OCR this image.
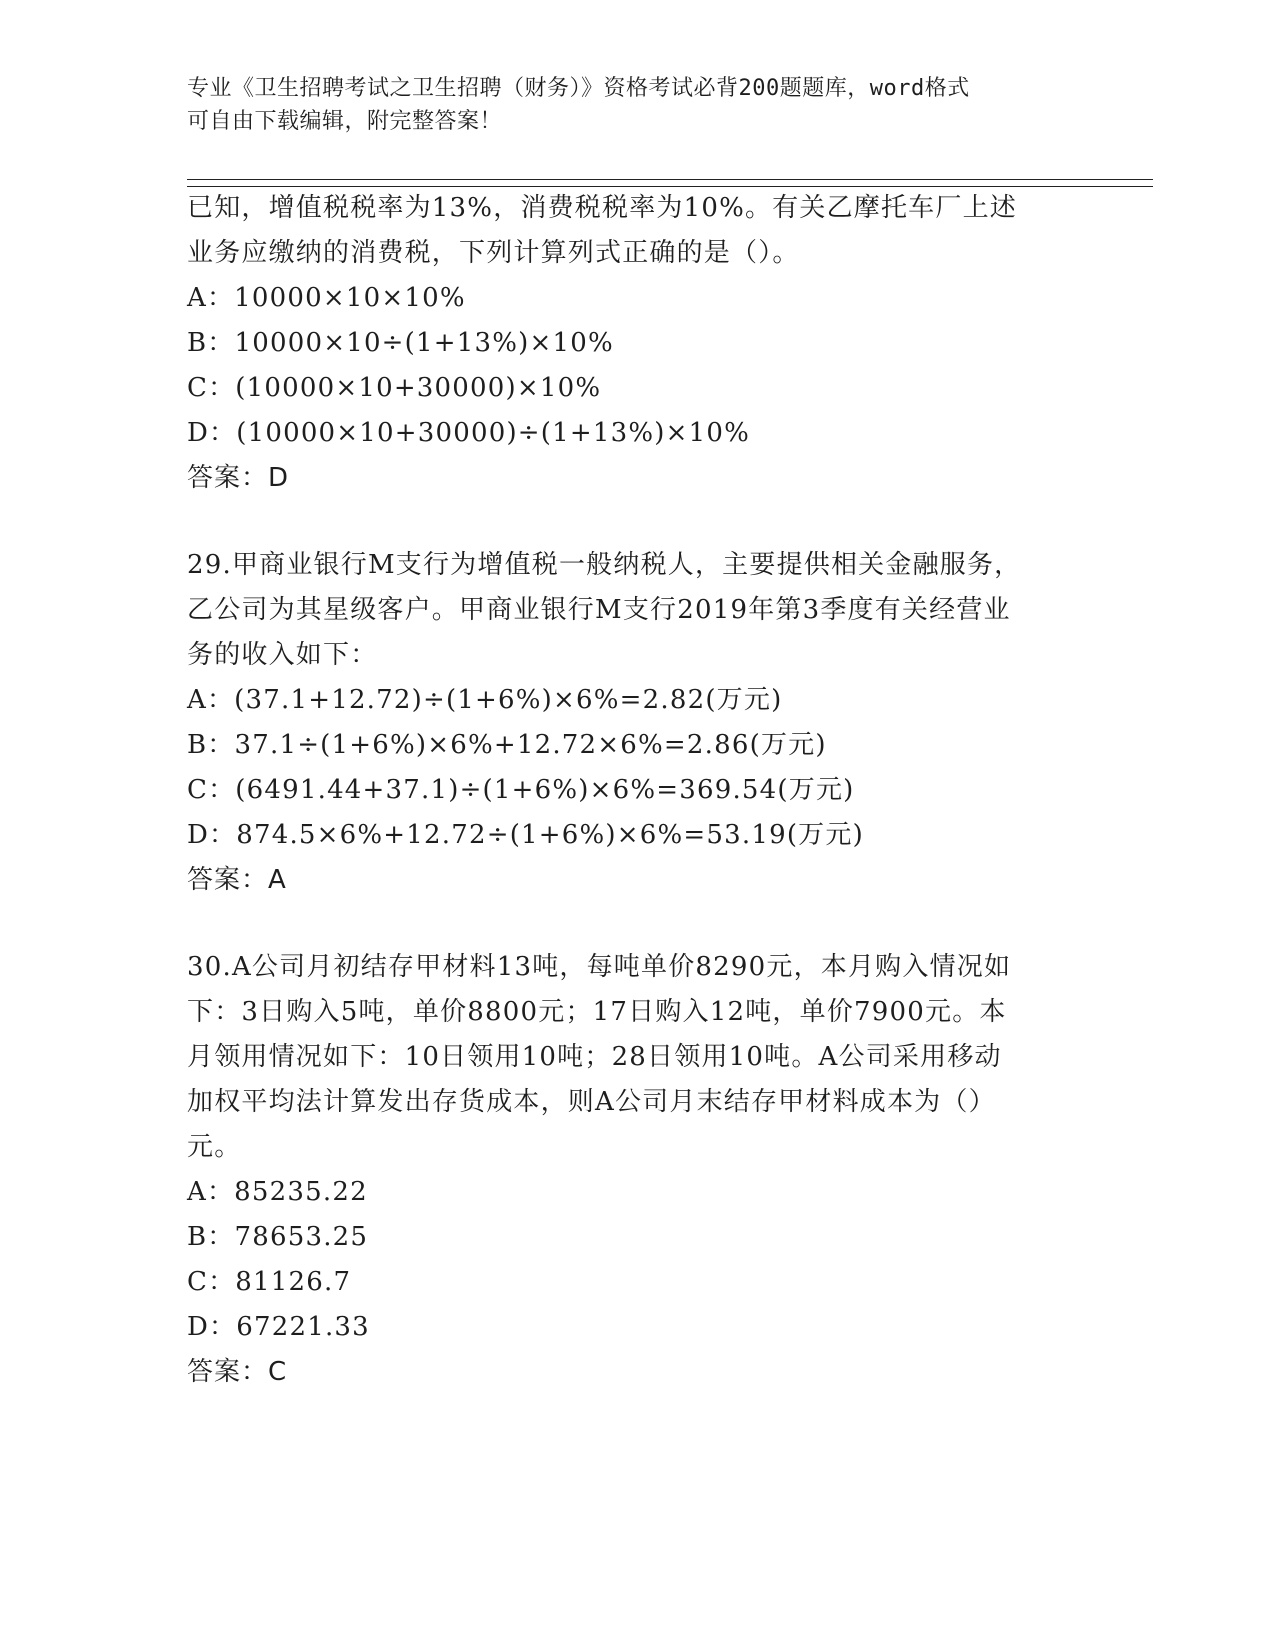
专业《卫生招聘考试之卫生招聘（财务）》资格考试必背200题题库，word格式
可自由下载编辑，附完整答案！
已知，增值税税率为13%，消费税税率为10%。有关乙摩托车厂上述
业务应缴纳的消费税，下列计算列式正确的是（）。
A：10000×10×10%
B：10000×10÷(1+13%)×10%
C：(10000×10+30000)×10%
D：(10000×10+30000)÷(1+13%)×10%
答案：D
29.甲商业银行M支行为增值税一般纳税人，主要提供相关金融服务，
乙公司为其星级客户。甲商业银行M支行2019年第3季度有关经营业
务的收入如下：
A：(37.1+12.72)÷(1+6%)×6%=2.82(万元)
B：37.1÷(1+6%)×6%+12.72×6%=2.86(万元)
C：(6491.44+37.1)÷(1+6%)×6%=369.54(万元)
D：874.5×6%+12.72÷(1+6%)×6%=53.19(万元)
答案：A
30.A公司月初结存甲材料13吨，每吨单价8290元，本月购入情况如
下：3日购入5吨，单价8800元；17日购入12吨，单价7900元。本
月领用情况如下：10日领用10吨；28日领用10吨。A公司采用移动
加权平均法计算发出存货成本，则A公司月末结存甲材料成本为（）
元。
A：85235.22
B：78653.25
C：81126.7
D：67221.33
答案：C
